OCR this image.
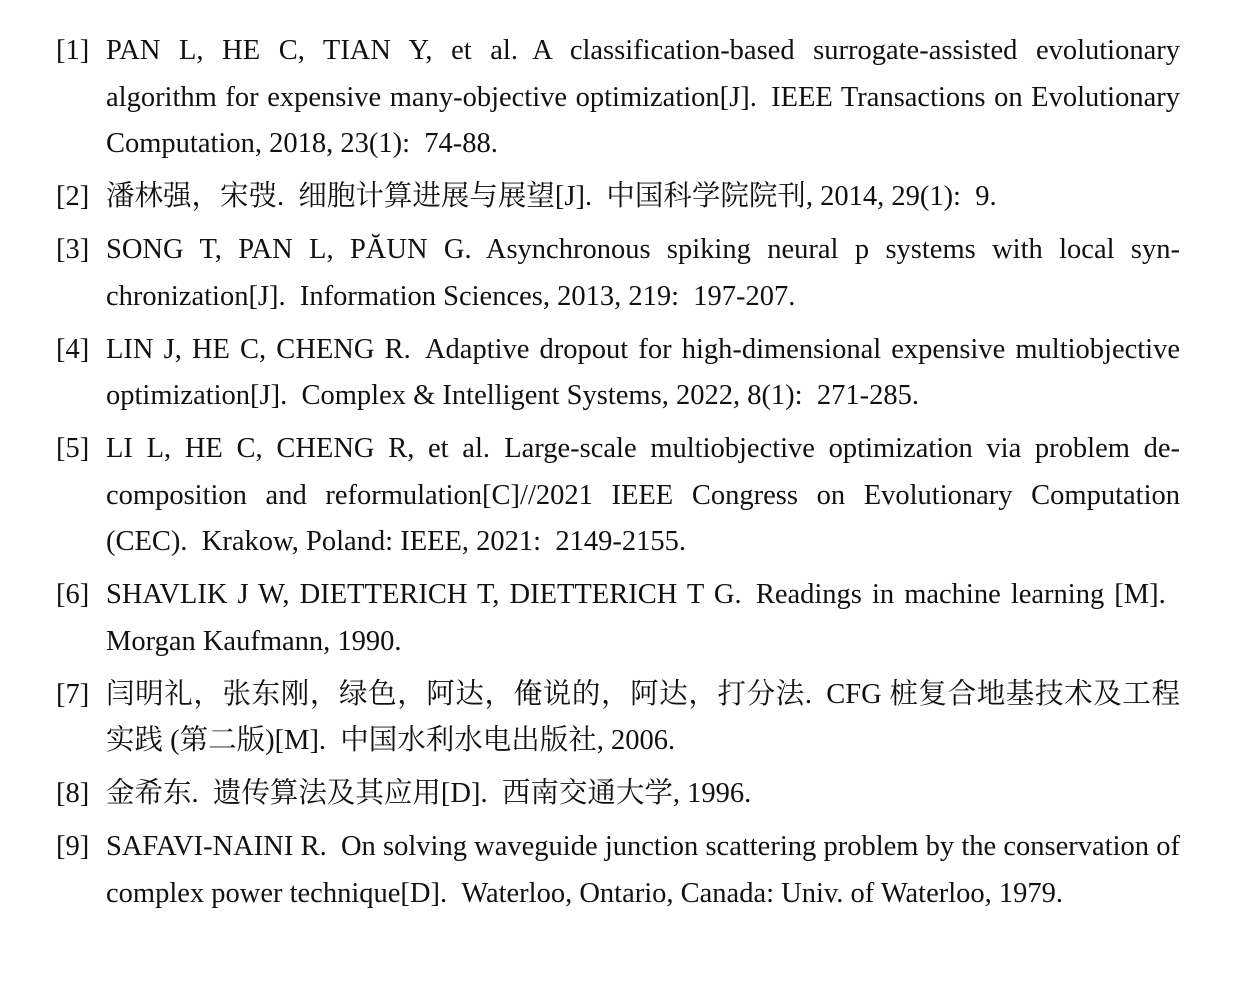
[1] PAN L, HE C, TIAN Y, et al. A classification-based surrogate-assisted evolutionary algorithm for expensive many-objective optimization[J]. IEEE Transactions on Evolutionary Computation, 2018, 23(1): 74-88.
[2] 潘林强，宋弢. 细胞计算进展与展望[J]. 中国科学院院刊, 2014, 29(1): 9.
[3] SONG T, PAN L, PĂUN G. Asynchronous spiking neural p systems with local synchronization[J]. Information Sciences, 2013, 219: 197-207.
[4] LIN J, HE C, CHENG R. Adaptive dropout for high-dimensional expensive multiobjective optimization[J]. Complex & Intelligent Systems, 2022, 8(1): 271-285.
[5] LI L, HE C, CHENG R, et al. Large-scale multiobjective optimization via problem decomposition and reformulation[C]//2021 IEEE Congress on Evolutionary Computation (CEC). Krakow, Poland: IEEE, 2021: 2149-2155.
[6] SHAVLIK J W, DIETTERICH T, DIETTERICH T G. Readings in machine learning [M]. Morgan Kaufmann, 1990.
[7] 闫明礼，张东刚，绿色，阿达，俺说的，阿达，打分法. CFG 桩复合地基技术及工程实践 (第二版)[M]. 中国水利水电出版社, 2006.
[8] 金希东. 遗传算法及其应用[D]. 西南交通大学, 1996.
[9] SAFAVI-NAINI R. On solving waveguide junction scattering problem by the conservation of complex power technique[D]. Waterloo, Ontario, Canada: Univ. of Waterloo, 1979.
